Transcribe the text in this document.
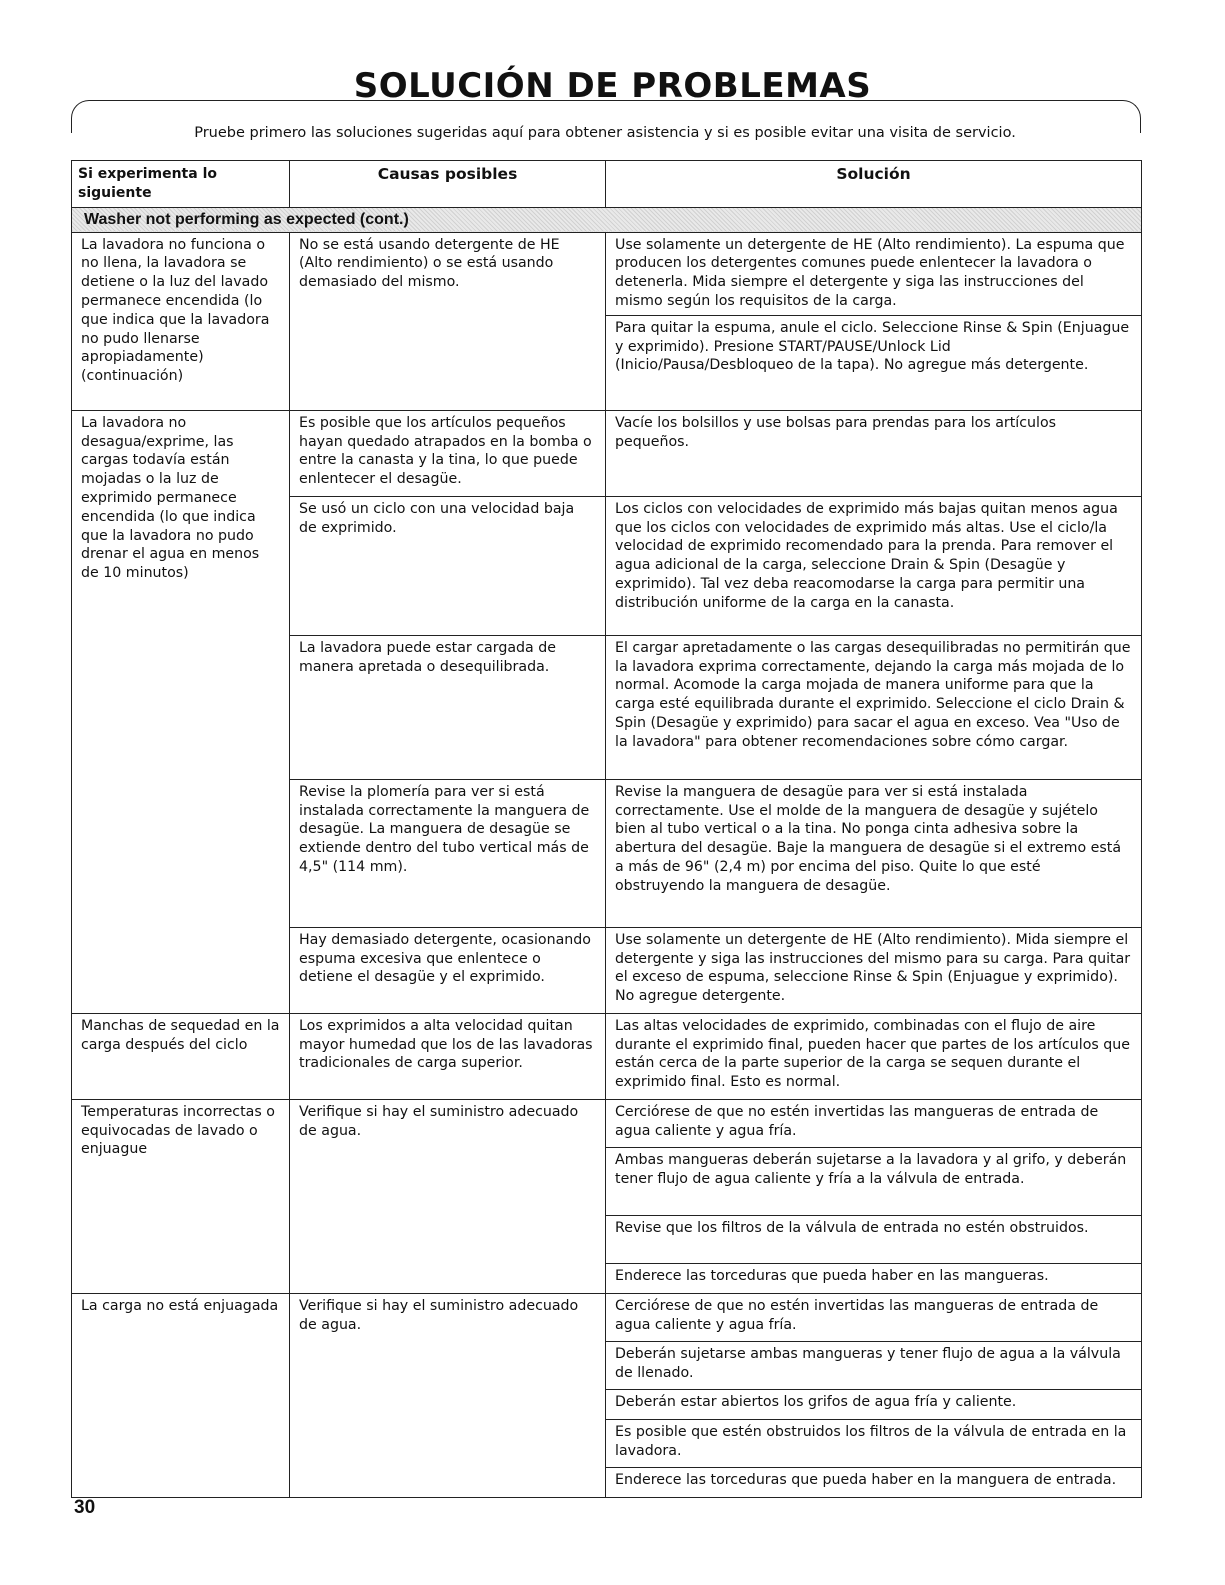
SOLUCIÓN DE PROBLEMAS
Pruebe primero las soluciones sugeridas aquí para obtener asistencia y si es posible evitar una visita de servicio.
Si experimenta lo siguiente	Causas posibles	Solución
Washer not performing as expected (cont.)		
La lavadora no funciona o no llena, la lavadora se detiene o la luz del lavado permanece encendida (lo que indica que la lavadora no pudo llenarse apropiadamente) (continuación)	No se está usando detergente de HE (Alto rendimiento) o se está usando demasiado del mismo.	Use solamente un detergente de HE (Alto rendimiento). La espuma que producen los detergentes comunes puede enlentecer la lavadora o detenerla. Mida siempre el detergente y siga las instrucciones del mismo según los requisitos de la carga.
		Para quitar la espuma, anule el ciclo. Seleccione Rinse & Spin (Enjuague y exprimido). Presione START/PAUSE/Unlock Lid (Inicio/Pausa/Desbloqueo de la tapa). No agregue más detergente.
La lavadora no desagua/exprime, las cargas todavía están mojadas o la luz de exprimido permanece encendida (lo que indica que la lavadora no pudo drenar el agua en menos de 10 minutos)	Es posible que los artículos pequeños hayan quedado atrapados en la bomba o entre la canasta y la tina, lo que puede enlentecer el desagüe.	Vacíe los bolsillos y use bolsas para prendas para los artículos pequeños.
	Se usó un ciclo con una velocidad baja de exprimido.	Los ciclos con velocidades de exprimido más bajas quitan menos agua que los ciclos con velocidades de exprimido más altas. Use el ciclo/la velocidad de exprimido recomendado para la prenda. Para remover el agua adicional de la carga, seleccione Drain & Spin (Desagüe y exprimido). Tal vez deba reacomodarse la carga para permitir una distribución uniforme de la carga en la canasta.
	La lavadora puede estar cargada de manera apretada o desequilibrada.	El cargar apretadamente o las cargas desequilibradas no permitirán que la lavadora exprima correctamente, dejando la carga más mojada de lo normal. Acomode la carga mojada de manera uniforme para que la carga esté equilibrada durante el exprimido. Seleccione el ciclo Drain & Spin (Desagüe y exprimido) para sacar el agua en exceso. Vea "Uso de la lavadora" para obtener recomendaciones sobre cómo cargar.
	Revise la plomería para ver si está instalada correctamente la manguera de desagüe. La manguera de desagüe se extiende dentro del tubo vertical más de 4,5" (114 mm).	Revise la manguera de desagüe para ver si está instalada correctamente. Use el molde de la manguera de desagüe y sujételo bien al tubo vertical o a la tina. No ponga cinta adhesiva sobre la abertura del desagüe. Baje la manguera de desagüe si el extremo está a más de 96" (2,4 m) por encima del piso. Quite lo que esté obstruyendo la manguera de desagüe.
	Hay demasiado detergente, ocasionando espuma excesiva que enlentece o detiene el desagüe y el exprimido.	Use solamente un detergente de HE (Alto rendimiento). Mida siempre el detergente y siga las instrucciones del mismo para su carga. Para quitar el exceso de espuma, seleccione Rinse & Spin (Enjuague y exprimido). No agregue detergente.
Manchas de sequedad en la carga después del ciclo	Los exprimidos a alta velocidad quitan mayor humedad que los de las lavadoras tradicionales de carga superior.	Las altas velocidades de exprimido, combinadas con el flujo de aire durante el exprimido final, pueden hacer que partes de los artículos que están cerca de la parte superior de la carga se sequen durante el exprimido final. Esto es normal.
Temperaturas incorrectas o equivocadas de lavado o enjuague	Verifique si hay el suministro adecuado de agua.	Cerciórese de que no estén invertidas las mangueras de entrada de agua caliente y agua fría.
		Ambas mangueras deberán sujetarse a la lavadora y al grifo, y deberán tener flujo de agua caliente y fría a la válvula de entrada.
		Revise que los filtros de la válvula de entrada no estén obstruidos.
		Enderece las torceduras que pueda haber en las mangueras.
La carga no está enjuagada	Verifique si hay el suministro adecuado de agua.	Cerciórese de que no estén invertidas las mangueras de entrada de agua caliente y agua fría.
		Deberán sujetarse ambas mangueras y tener flujo de agua a la válvula de llenado.
		Deberán estar abiertos los grifos de agua fría y caliente.
		Es posible que estén obstruidos los filtros de la válvula de entrada en la lavadora.
		Enderece las torceduras que pueda haber en la manguera de entrada.
30
